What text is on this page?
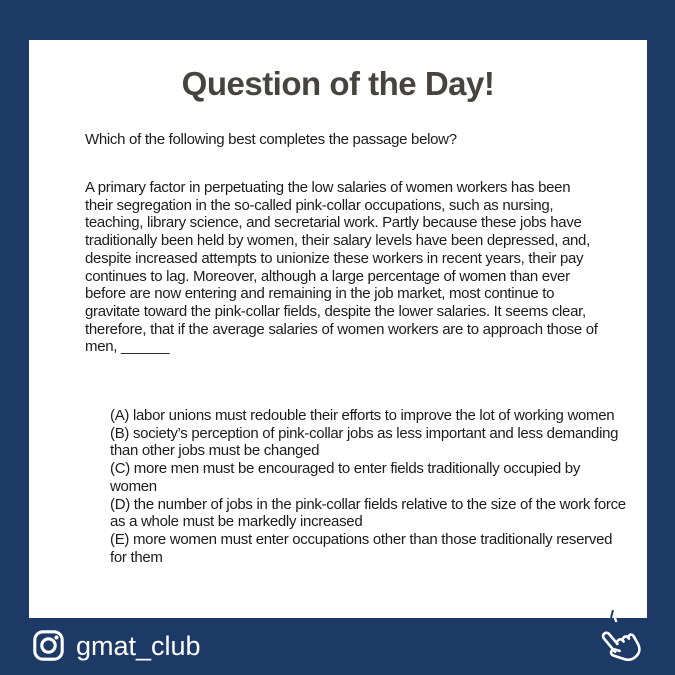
Question of the Day!
Which of the following best completes the passage below?
A primary factor in perpetuating the low salaries of women workers has been their segregation in the so-called pink-collar occupations, such as nursing, teaching, library science, and secretarial work. Partly because these jobs have traditionally been held by women, their salary levels have been depressed, and, despite increased attempts to unionize these workers in recent years, their pay continues to lag. Moreover, although a large percentage of women than ever before are now entering and remaining in the job market, most continue to gravitate toward the pink-collar fields, despite the lower salaries. It seems clear, therefore, that if the average salaries of women workers are to approach those of men, ______
(A) labor unions must redouble their efforts to improve the lot of working women
(B) society’s perception of pink-collar jobs as less important and less demanding than other jobs must be changed
(C) more men must be encouraged to enter fields traditionally occupied by women
(D) the number of jobs in the pink-collar fields relative to the size of the work force as a whole must be markedly increased
(E) more women must enter occupations other than those traditionally reserved for them
gmat_club
